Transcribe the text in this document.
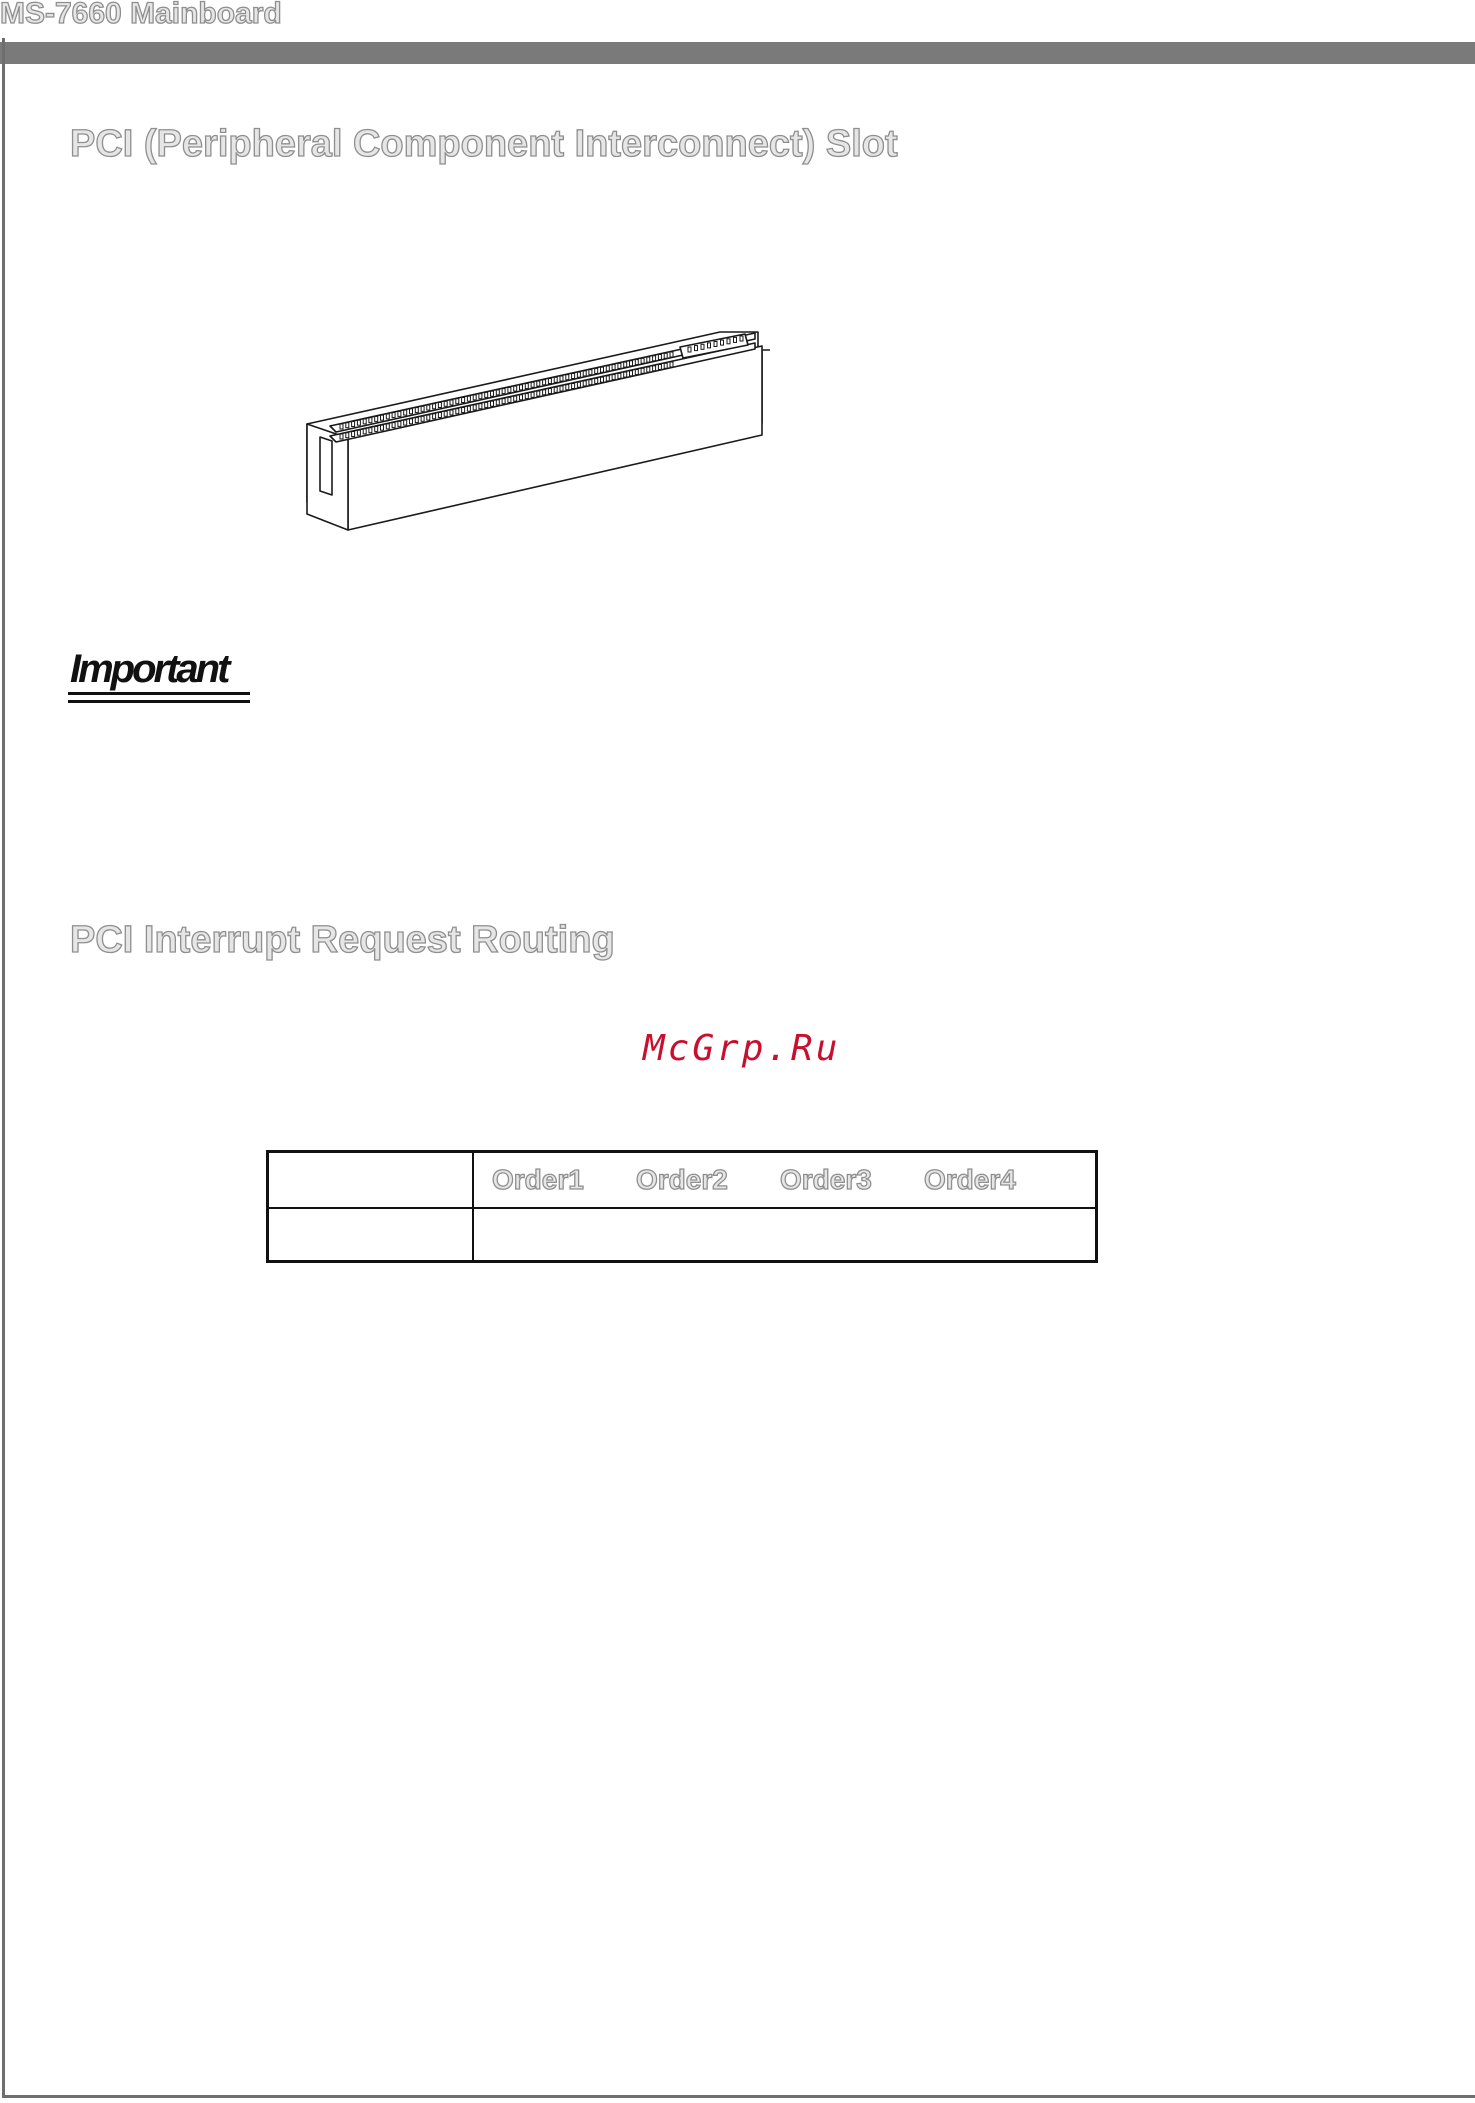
MS-7660 Mainboard
PCI (Peripheral Component Interconnect) Slot
Important
PCI Interrupt Request Routing
McGrp.Ru
Order1 Order2 Order3 Order4
